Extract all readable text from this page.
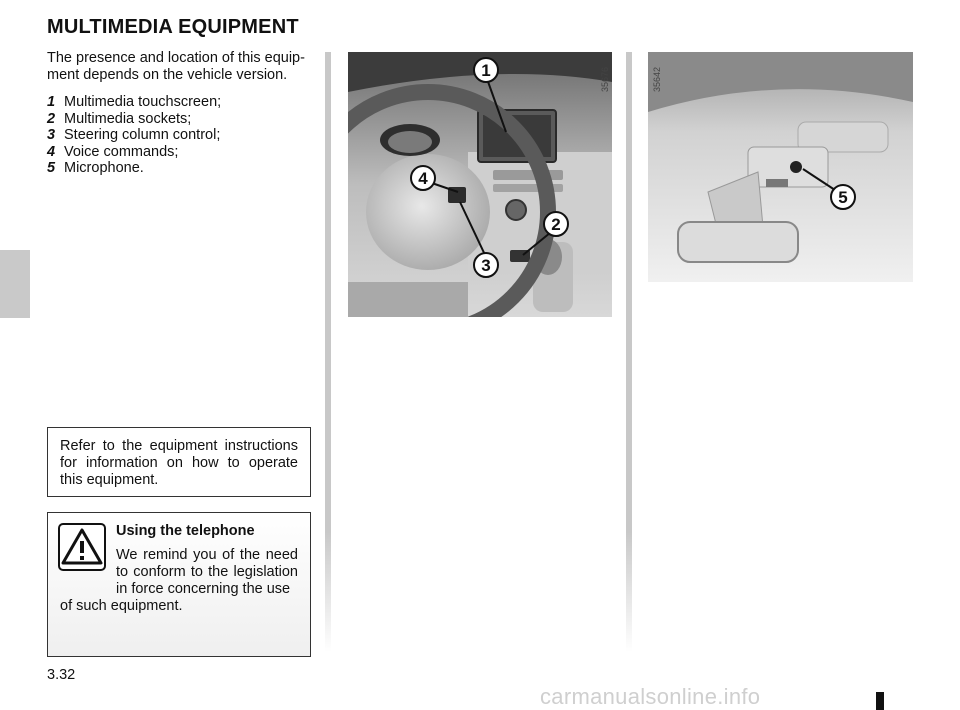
MULTIMEDIA EQUIPMENT

The presence and location of this equip-ment depends on the vehicle version.

1 Multimedia touchscreen;
2 Multimedia sockets;
3 Steering column control;
4 Voice commands;
5 Microphone.
1
4
2
3
35676
5
35642
Refer to the equipment instructions for information on how to operate this equipment.
Using the telephone
We remind you of the need to conform to the legislation in force concerning the use
of such equipment.
3.32
carmanualsonline.info
